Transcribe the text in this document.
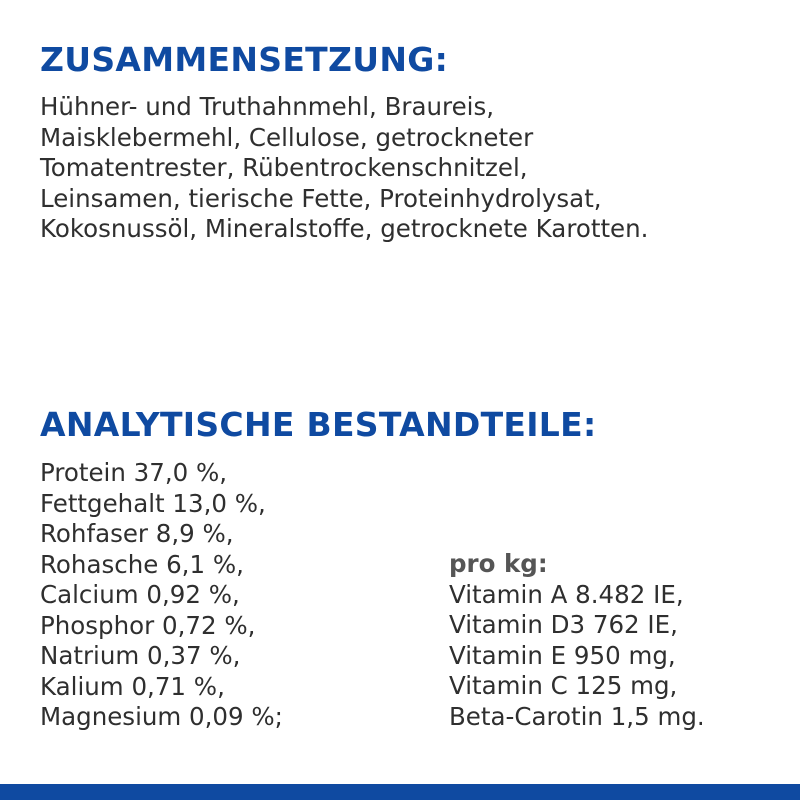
ZUSAMMENSETZUNG:
Hühner- und Truthahnmehl, Braureis,
Maisklebermehl, Cellulose, getrockneter
Tomatentrester, Rübentrockenschnitzel,
Leinsamen, tierische Fette, Proteinhydrolysat,
Kokosnussöl, Mineralstoffe, getrocknete Karotten.
ANALYTISCHE BESTANDTEILE:
Protein 37,0 %,
Fettgehalt 13,0 %,
Rohfaser 8,9 %,
Rohasche 6,1 %,
Calcium 0,92 %,
Phosphor 0,72 %,
Natrium 0,37 %,
Kalium 0,71 %,
Magnesium 0,09 %;
pro kg:
Vitamin A 8.482 IE,
Vitamin D3 762 IE,
Vitamin E 950 mg,
Vitamin C 125 mg,
Beta-Carotin 1,5 mg.
